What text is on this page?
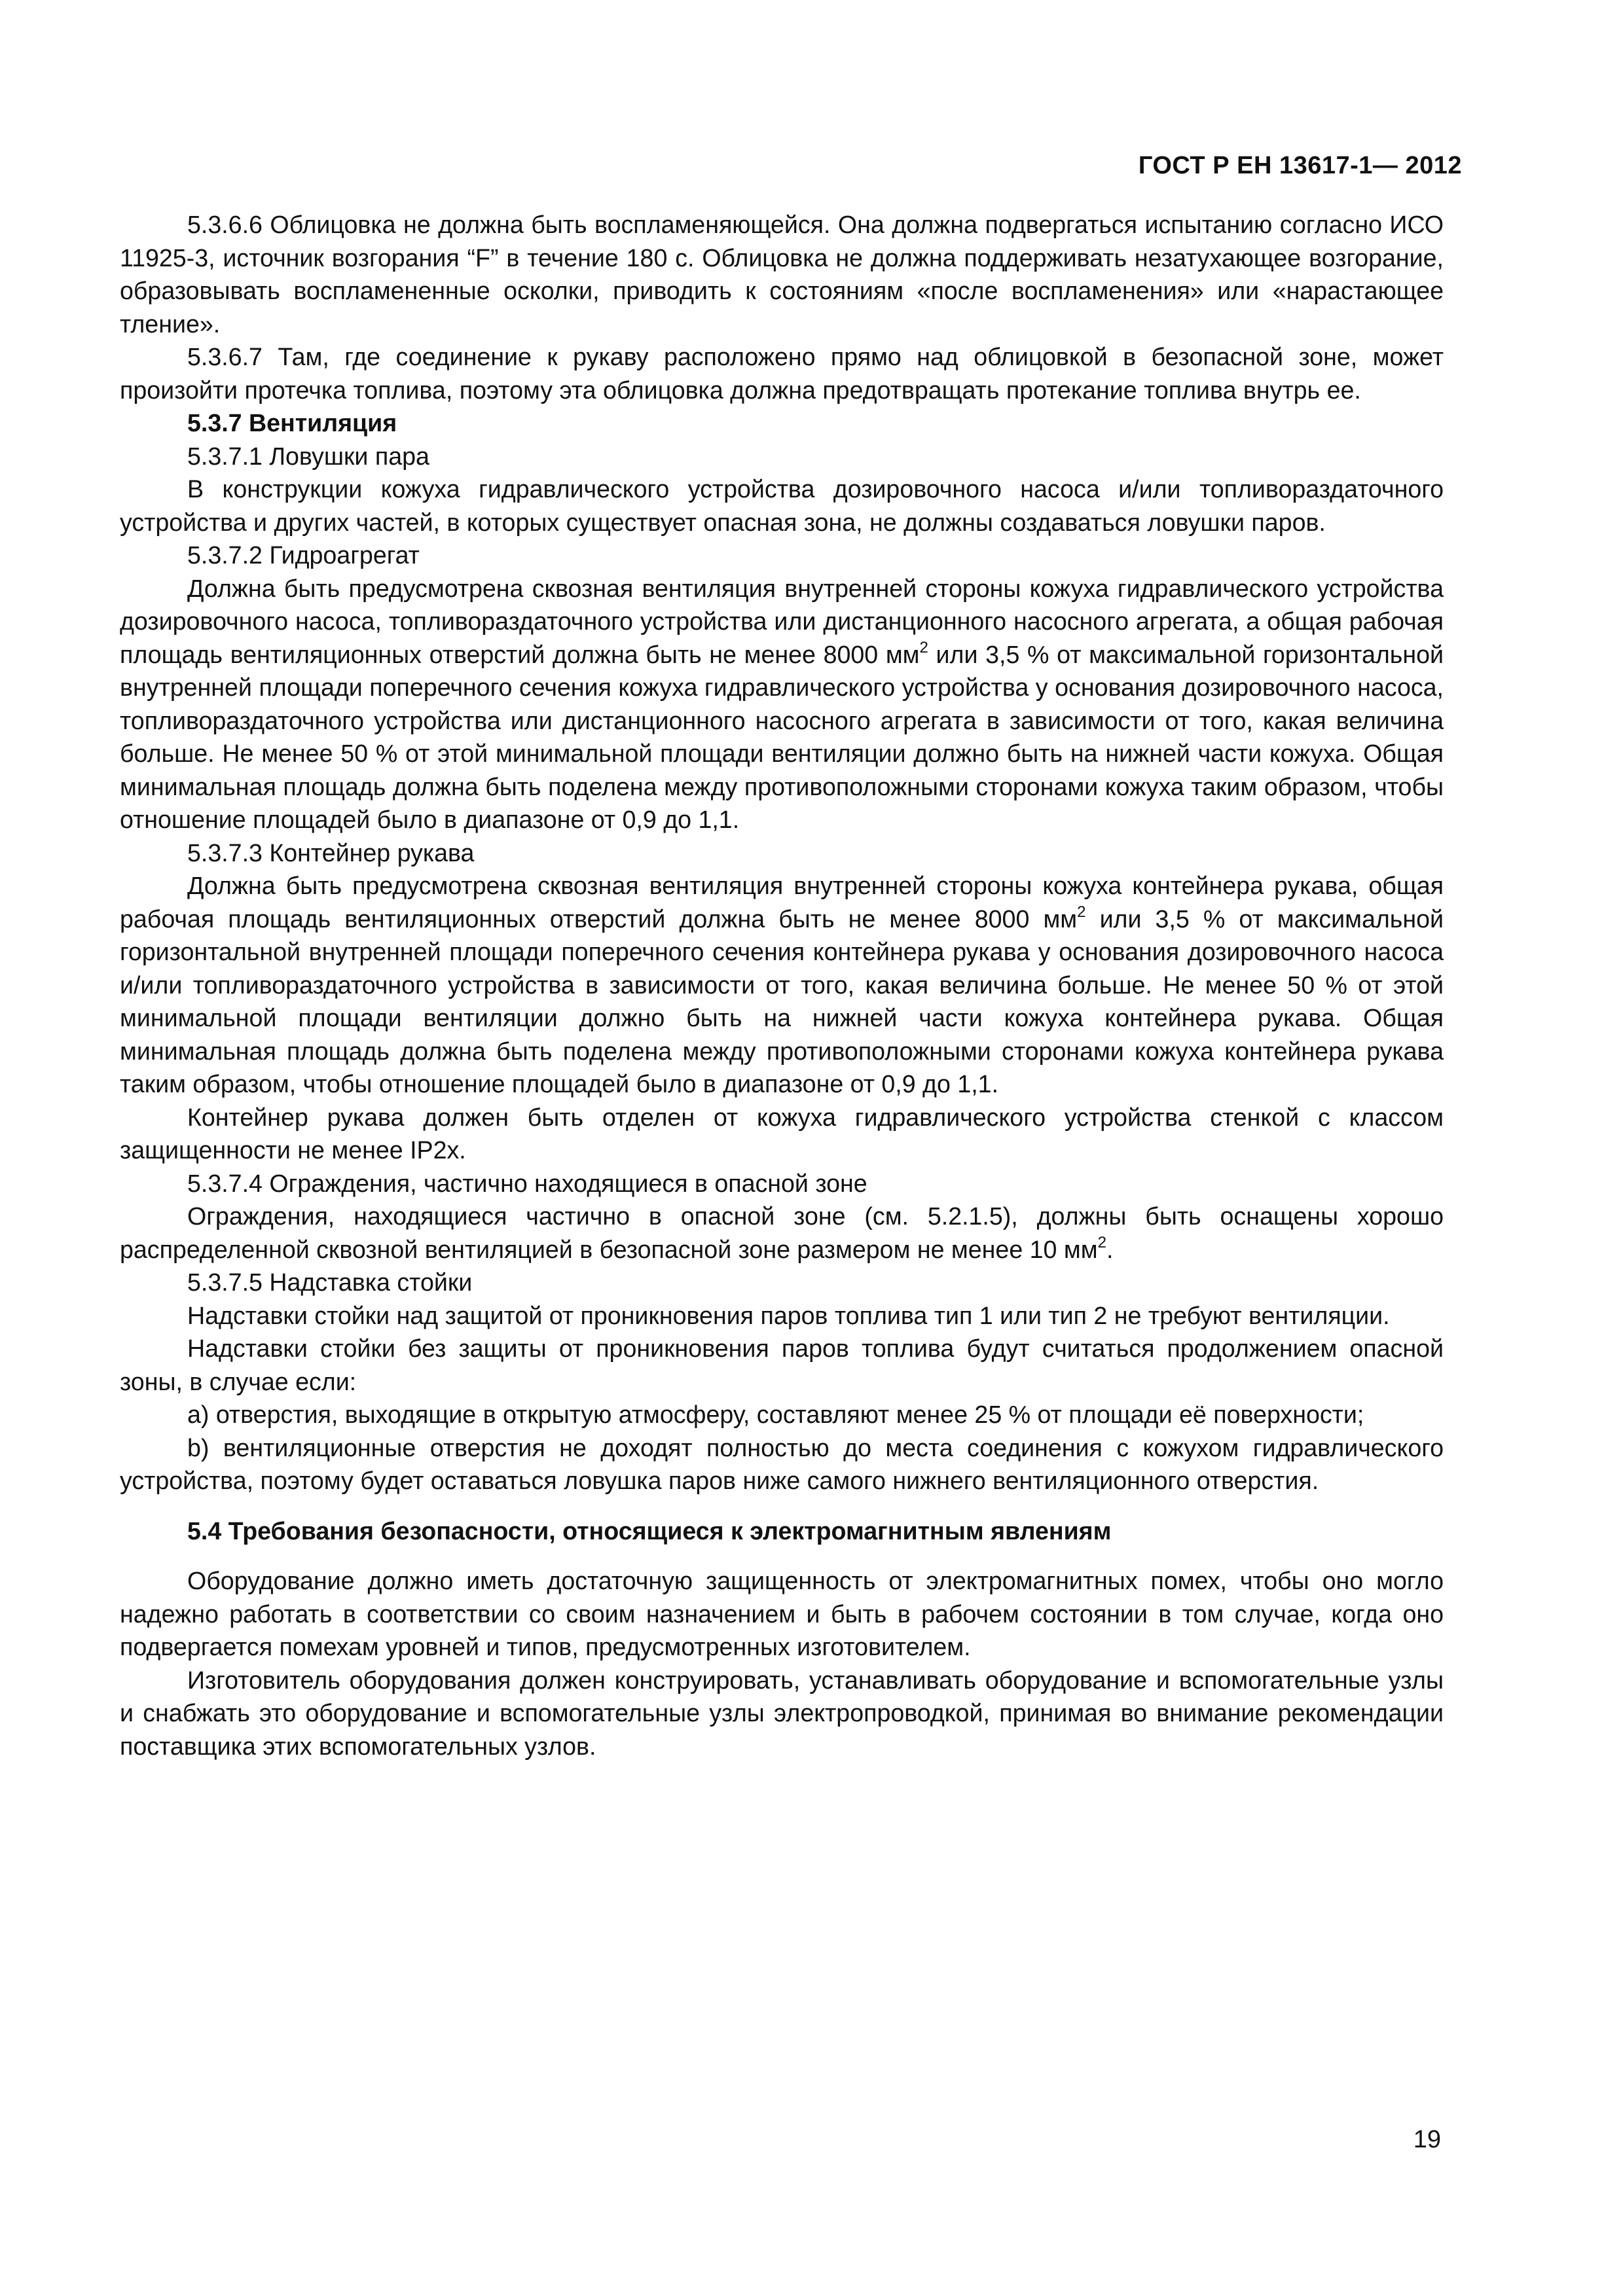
ГОСТ Р ЕН 13617-1— 2012

5.3.6.6 Облицовка не должна быть воспламеняющейся. Она должна подвергаться испытанию согласно ИСО 11925-3, источник возгорания “F” в течение 180 с. Облицовка не должна поддерживать незатухающее возгорание, образовывать воспламененные осколки, приводить к состояниям «после воспламенения» или «нарастающее тление».

5.3.6.7 Там, где соединение к рукаву расположено прямо над облицовкой в безопасной зоне, может произойти протечка топлива, поэтому эта облицовка должна предотвращать протекание топлива внутрь ее.

5.3.7 Вентиляция

5.3.7.1 Ловушки пара

В конструкции кожуха гидравлического устройства дозировочного насоса и/или топливораздаточного устройства и других частей, в которых существует опасная зона, не должны создаваться ловушки паров.

5.3.7.2 Гидроагрегат

Должна быть предусмотрена сквозная вентиляция внутренней стороны кожуха гидравлического устройства дозировочного насоса, топливораздаточного устройства или дистанционного насосного агрегата, а общая рабочая площадь вентиляционных отверстий должна быть не менее 8000 $мм^2$ или 3,5 % от максимальной горизонтальной внутренней площади поперечного сечения кожуха гидравлического устройства у основания дозировочного насоса, топливораздаточного устройства или дистанционного насосного агрегата в зависимости от того, какая величина больше. Не менее 50 % от этой минимальной площади вентиляции должно быть на нижней части кожуха. Общая минимальная площадь должна быть поделена между противоположными сторонами кожуха таким образом, чтобы отношение площадей было в диапазоне от 0,9 до 1,1.

5.3.7.3 Контейнер рукава

Должна быть предусмотрена сквозная вентиляция внутренней стороны кожуха контейнера рукава, общая рабочая площадь вентиляционных отверстий должна быть не менее 8000 $мм^2$ или 3,5 % от максимальной горизонтальной внутренней площади поперечного сечения контейнера рукава у основания дозировочного насоса и/или топливораздаточного устройства в зависимости от того, какая величина больше. Не менее 50 % от этой минимальной площади вентиляции должно быть на нижней части кожуха контейнера рукава. Общая минимальная площадь должна быть поделена между противоположными сторонами кожуха контейнера рукава таким образом, чтобы отношение площадей было в диапазоне от 0,9 до 1,1.

Контейнер рукава должен быть отделен от кожуха гидравлического устройства стенкой с классом защищенности не менее IP2x.

5.3.7.4 Ограждения, частично находящиеся в опасной зоне

Ограждения, находящиеся частично в опасной зоне (см. 5.2.1.5), должны быть оснащены хорошо распределенной сквозной вентиляцией в безопасной зоне размером не менее 10 $мм^2$.

5.3.7.5 Надставка стойки

Надставки стойки над защитой от проникновения паров топлива тип 1 или тип 2 не требуют вентиляции.

Надставки стойки без защиты от проникновения паров топлива будут считаться продолжением опасной зоны, в случае если:

a) отверстия, выходящие в открытую атмосферу, составляют менее 25 % от площади её поверхности;

b) вентиляционные отверстия не доходят полностью до места соединения с кожухом гидравлического устройства, поэтому будет оставаться ловушка паров ниже самого нижнего вентиляционного отверстия.

5.4 Требования безопасности, относящиеся к электромагнитным явлениям

Оборудование должно иметь достаточную защищенность от электромагнитных помех, чтобы оно могло надежно работать в соответствии со своим назначением и быть в рабочем состоянии в том случае, когда оно подвергается помехам уровней и типов, предусмотренных изготовителем.

Изготовитель оборудования должен конструировать, устанавливать оборудование и вспомогательные узлы и снабжать это оборудование и вспомогательные узлы электропроводкой, принимая во внимание рекомендации поставщика этих вспомогательных узлов.

19
